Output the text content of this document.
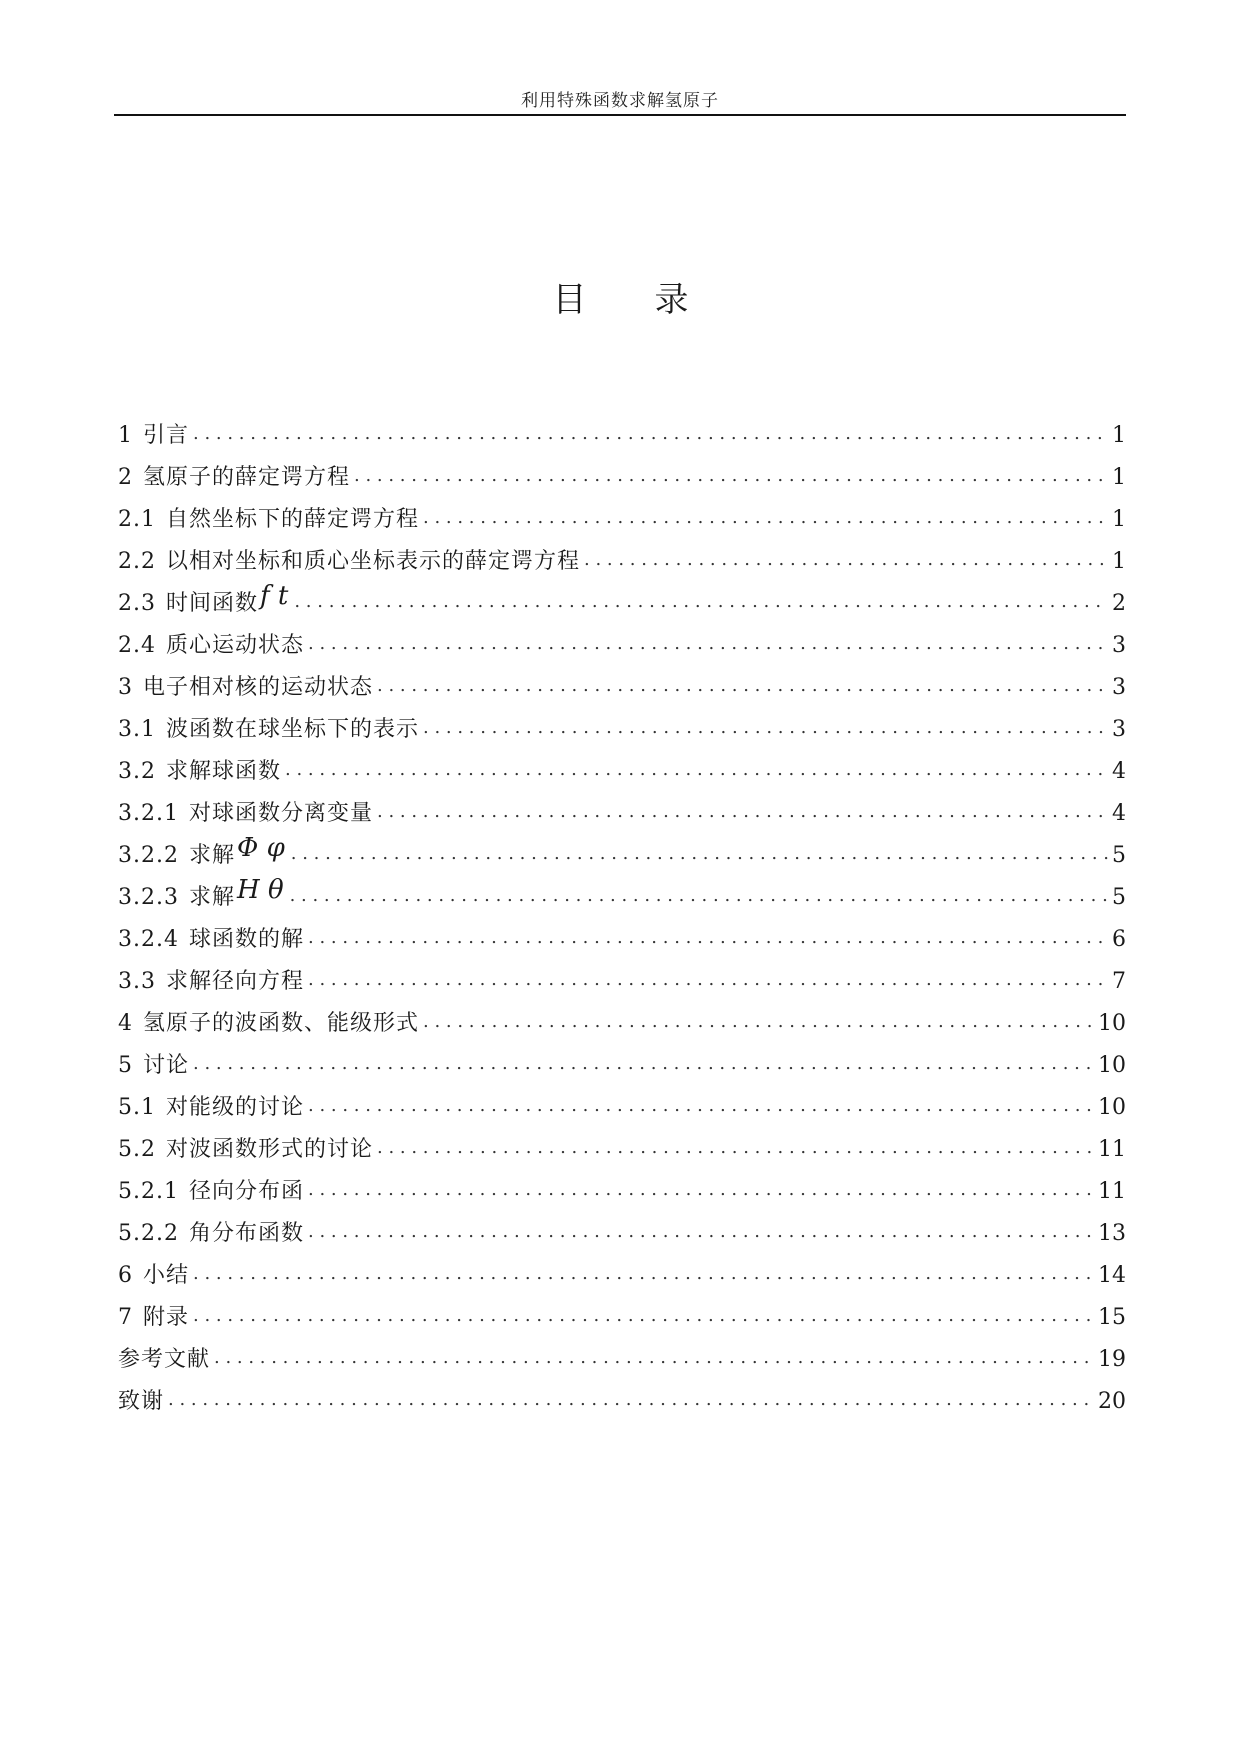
利用特殊函数求解氢原子
目 录
1 引言 . . .	1
2 氢原子的薛定谔方程 . . .	1
2.1 自然坐标下的薛定谔方程 . . .	1
2.2 以相对坐标和质心坐标表示的薛定谔方程 . . .	1
2.3 时间函数 f t . . .	2
2.4 质心运动状态 . . .	3
3 电子相对核的运动状态 . . .	3
3.1 波函数在球坐标下的表示 . . .	3
3.2 求解球函数 . . .	4
3.2.1 对球函数分离变量 . . .	4
3.2.2 求解 Φ φ . . .	5
3.2.3 求解 H θ . . .	5
3.2.4 球函数的解 . . .	6
3.3 求解径向方程 . . .	7
4 氢原子的波函数、能级形式 . . .	10
5 讨论 . . .	10
5.1 对能级的讨论 . . .	10
5.2 对波函数形式的讨论 . . .	11
5.2.1 径向分布函 . . .	11
5.2.2 角分布函数 . . .	13
6 小结 . . .	14
7 附录 . . .	15
参考文献 . . .	19
致谢 . . .	20
